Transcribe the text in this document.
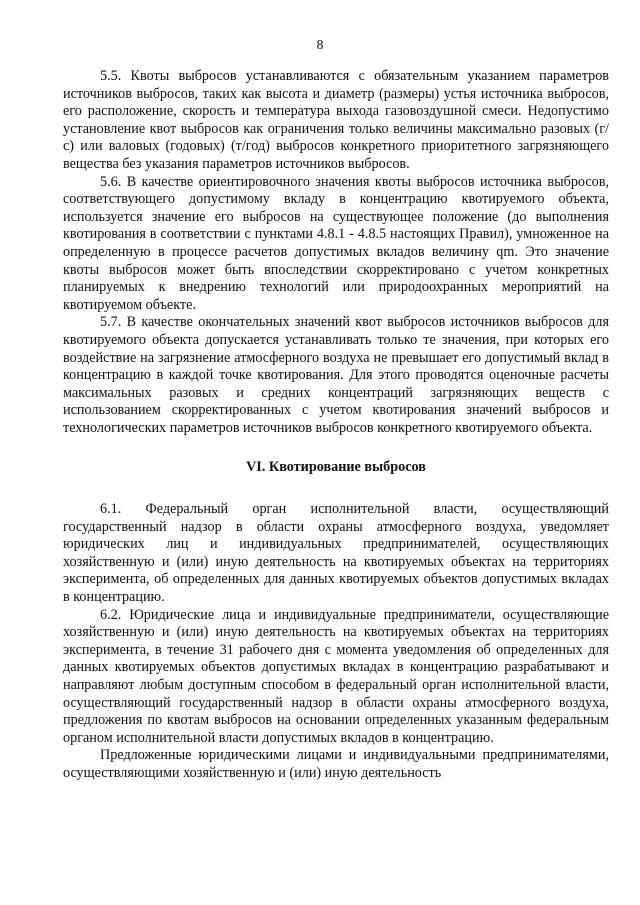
8

5.5. Квоты выбросов устанавливаются с обязательным указанием параметров источников выбросов, таких как высота и диаметр (размеры) устья источника выбросов, его расположение, скорость и температура выхода газовоздушной смеси. Недопустимо установление квот выбросов как ограничения только величины максимально разовых (г/с) или валовых (годовых) (т/год) выбросов конкретного приоритетного загрязняющего вещества без указания параметров источников выбросов.

5.6. В качестве ориентировочного значения квоты выбросов источника выбросов, соответствующего допустимому вкладу в концентрацию квотируемого объекта, используется значение его выбросов на существующее положение (до выполнения квотирования в соответствии с пунктами 4.8.1 - 4.8.5 настоящих Правил), умноженное на определенную в процессе расчетов допустимых вкладов величину qm. Это значение квоты выбросов может быть впоследствии скорректировано с учетом конкретных планируемых к внедрению технологий или природоохранных мероприятий на квотируемом объекте.

5.7. В качестве окончательных значений квот выбросов источников выбросов для квотируемого объекта допускается устанавливать только те значения, при которых его воздействие на загрязнение атмосферного воздуха не превышает его допустимый вклад в концентрацию в каждой точке квотирования. Для этого проводятся оценочные расчеты максимальных разовых и средних концентраций загрязняющих веществ с использованием скорректированных с учетом квотирования значений выбросов и технологических параметров источников выбросов конкретного квотируемого объекта.

VI. Квотирование выбросов

6.1. Федеральный орган исполнительной власти, осуществляющий государственный надзор в области охраны атмосферного воздуха, уведомляет юридических лиц и индивидуальных предпринимателей, осуществляющих хозяйственную и (или) иную деятельность на квотируемых объектах на территориях эксперимента, об определенных для данных квотируемых объектов допустимых вкладах в концентрацию.

6.2. Юридические лица и индивидуальные предприниматели, осуществляющие хозяйственную и (или) иную деятельность на квотируемых объектах на территориях эксперимента, в течение 31 рабочего дня с момента уведомления об определенных для данных квотируемых объектов допустимых вкладах в концентрацию разрабатывают и направляют любым доступным способом в федеральный орган исполнительной власти, осуществляющий государственный надзор в области охраны атмосферного воздуха, предложения по квотам выбросов на основании определенных указанным федеральным органом исполнительной власти допустимых вкладов в концентрацию.

Предложенные юридическими лицами и индивидуальными предпринимателями, осуществляющими хозяйственную и (или) иную деятельность
